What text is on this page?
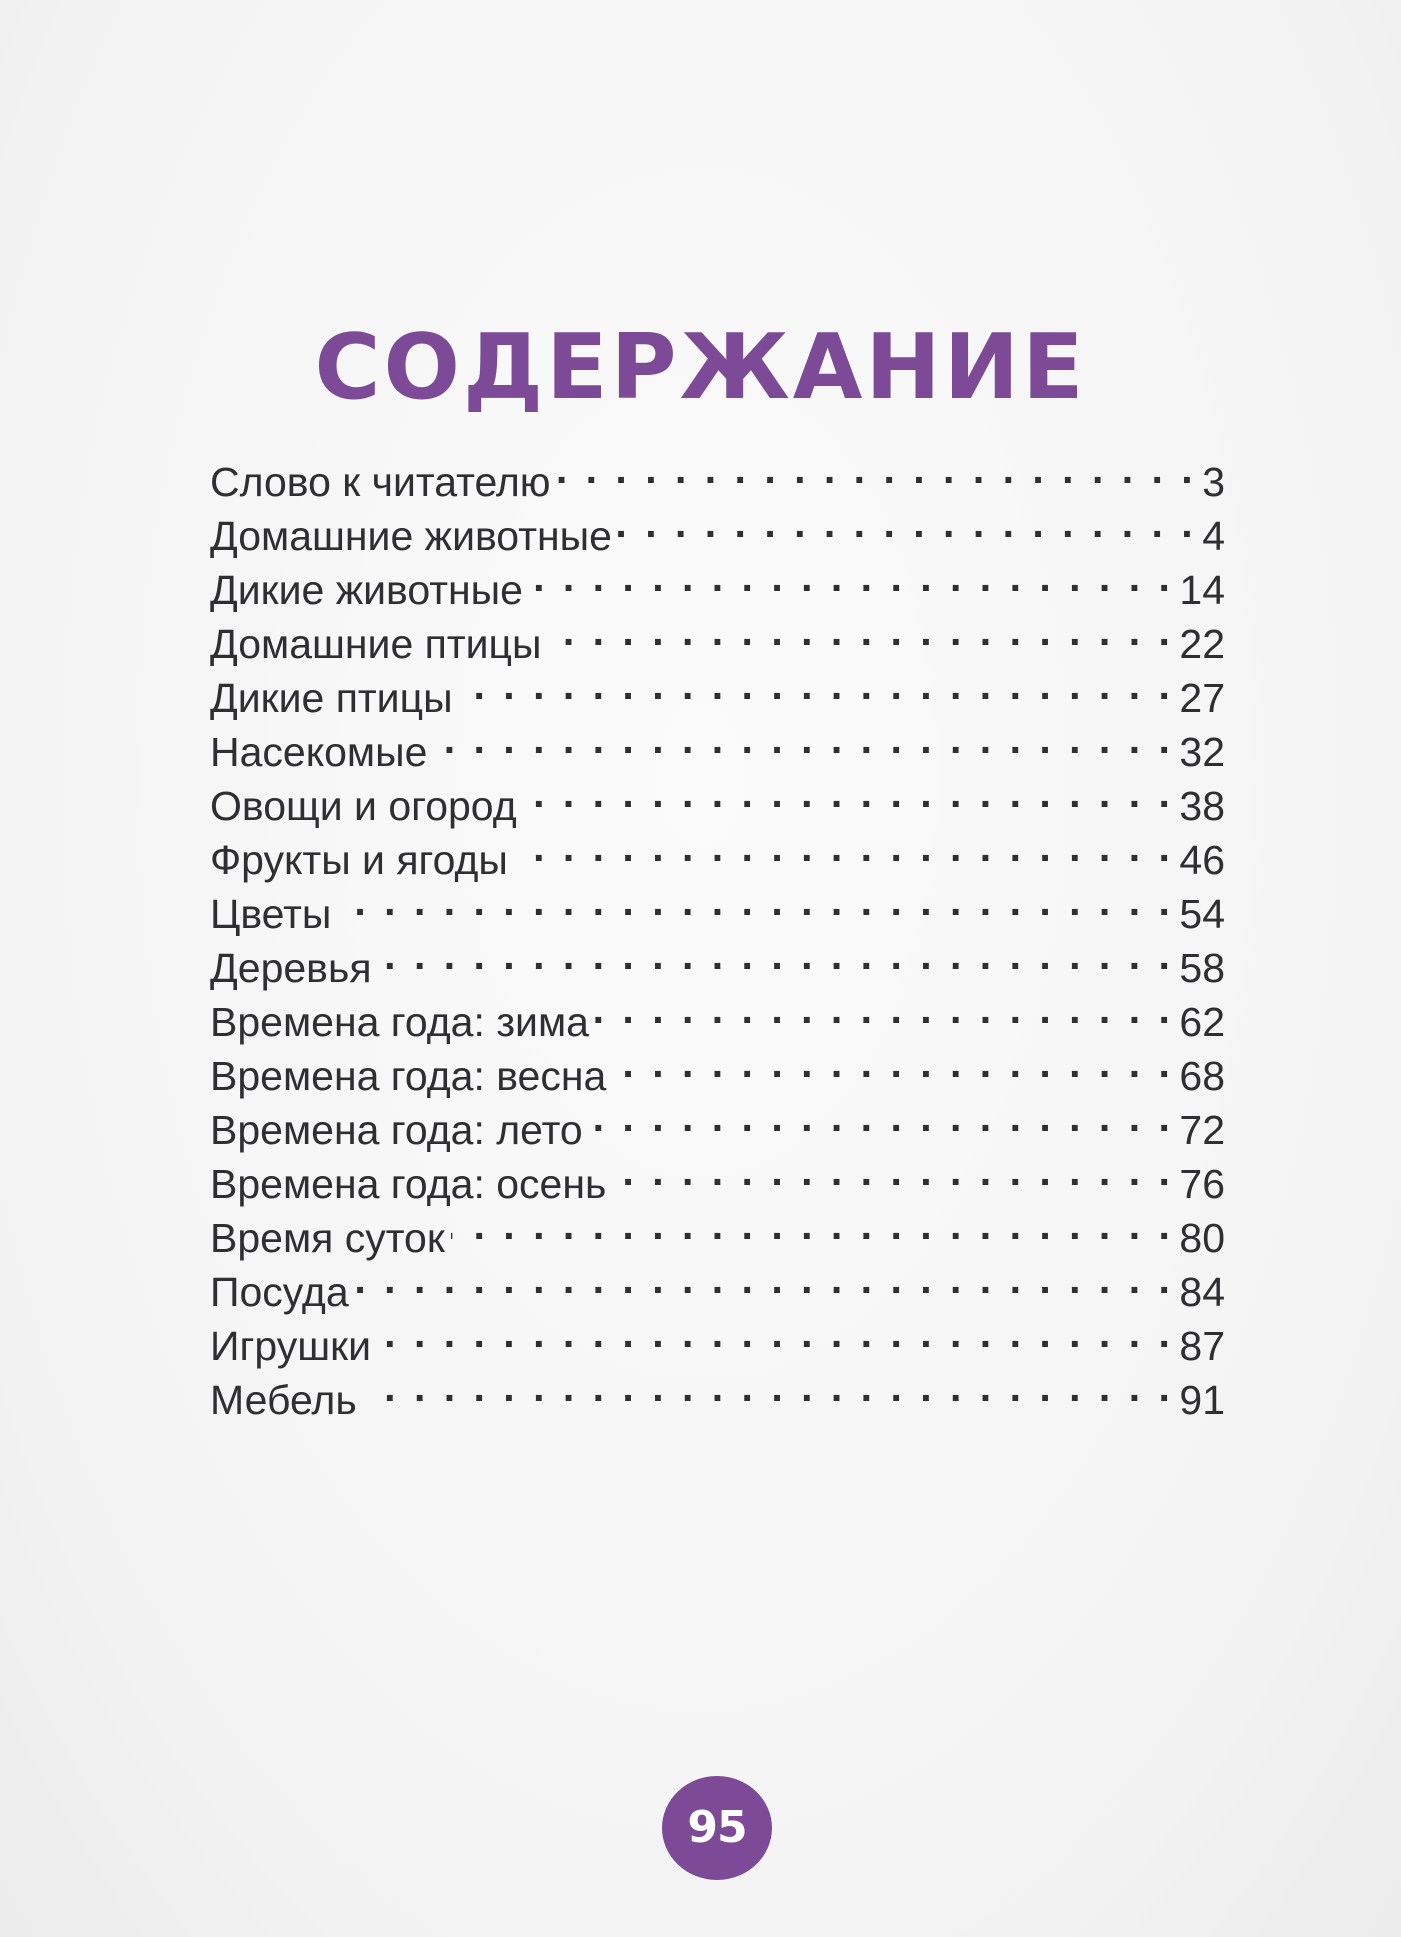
СОДЕРЖАНИЕ
Слово к читателю . . .	3
Домашние животные . . .	4
Дикие животные . . .	14
Домашние птицы . . .	22
Дикие птицы . . .	27
Насекомые . . .	32
Овощи и огород . . .	38
Фрукты и ягоды . . .	46
Цветы . . .	54
Деревья . . .	58
Времена года: зима . . .	62
Времена года: весна . . .	68
Времена года: лето . . .	72
Времена года: осень . . .	76
Время суток . . .	80
Посуда . . .	84
Игрушки . . .	87
Мебель . . .	91
95
